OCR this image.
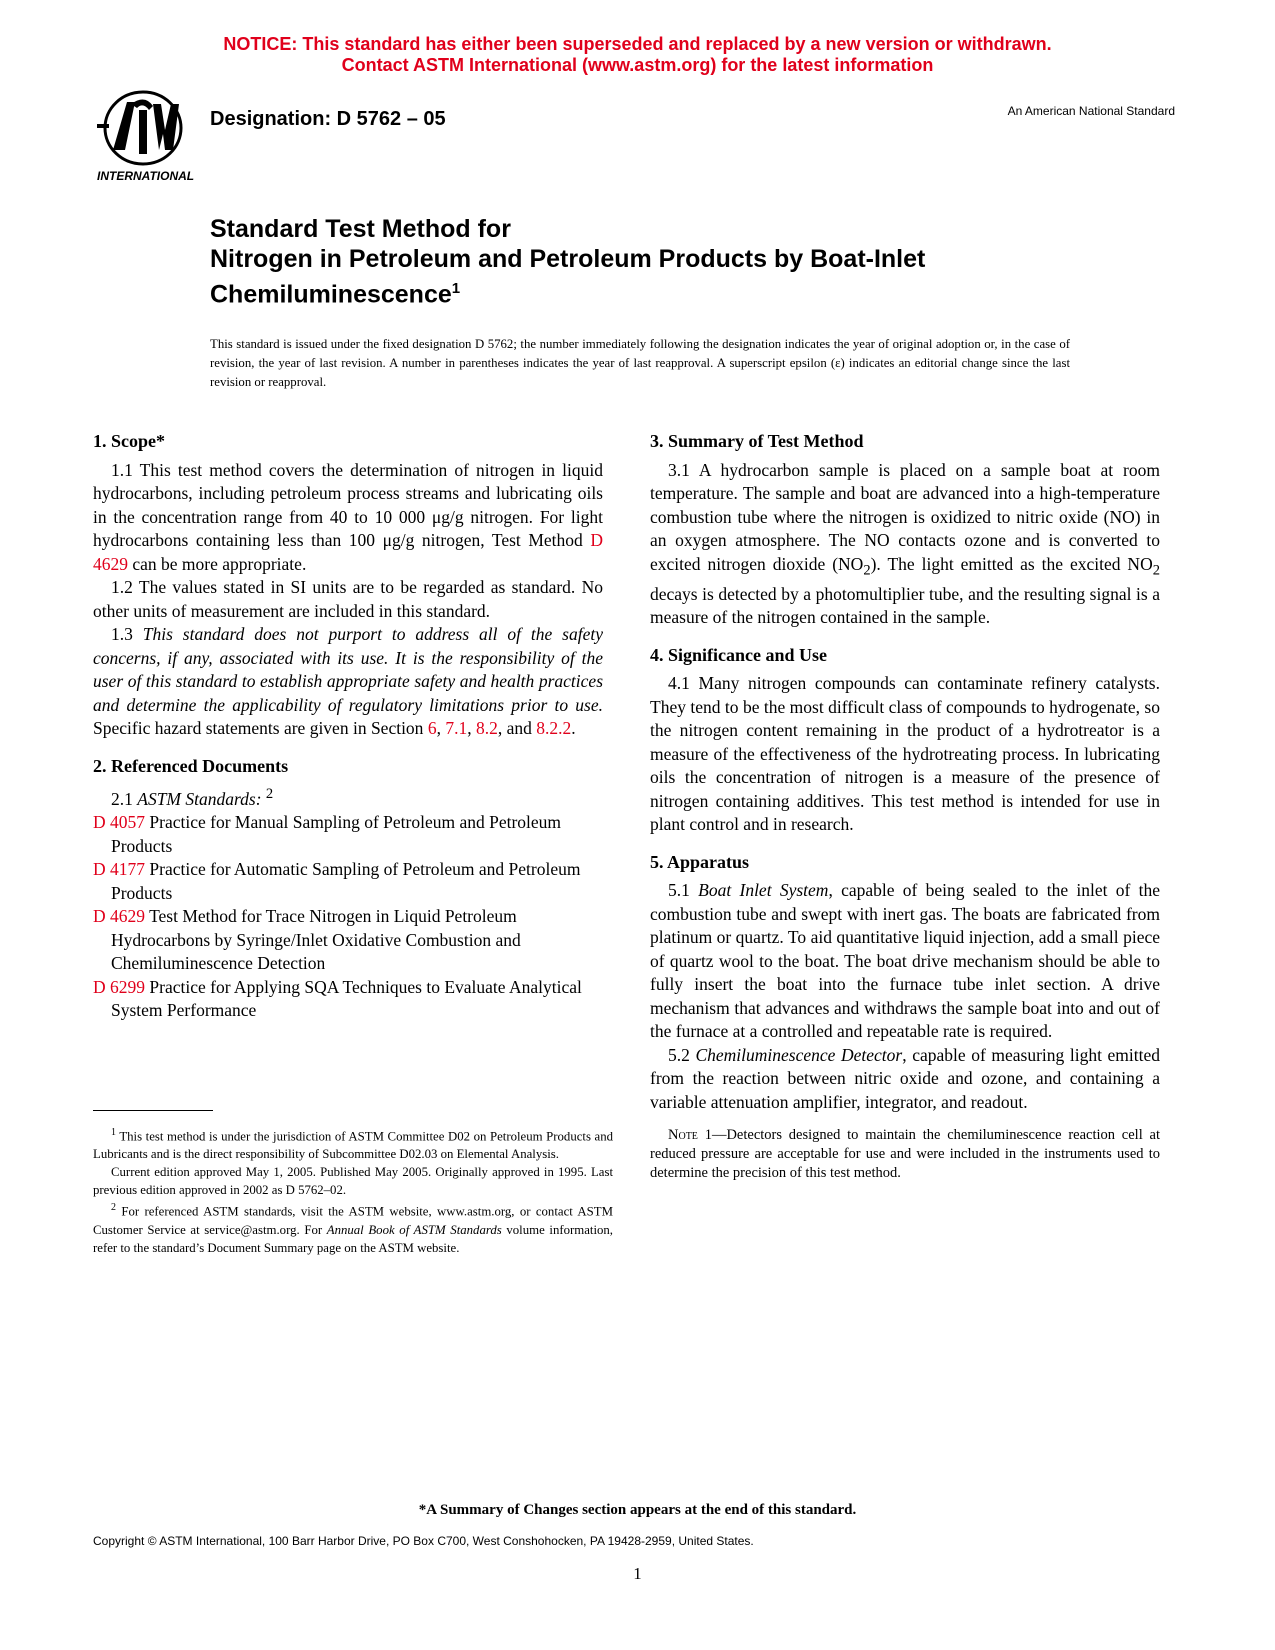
NOTICE: This standard has either been superseded and replaced by a new version or withdrawn.
Contact ASTM International (www.astm.org) for the latest information
INTERNATIONAL
Designation: D 5762 – 05	An American National Standard
Standard Test Method for
Nitrogen in Petroleum and Petroleum Products by Boat-Inlet
Chemiluminescence$^1$
This standard is issued under the fixed designation D 5762; the number immediately following the designation indicates the year of original adoption or, in the case of revision, the year of last revision. A number in parentheses indicates the year of last reapproval. A superscript epsilon (ε) indicates an editorial change since the last revision or reapproval.

1. Scope*

1.1 This test method covers the determination of nitrogen in liquid hydrocarbons, including petroleum process streams and lubricating oils in the concentration range from 40 to 10 000 μg/g nitrogen. For light hydrocarbons containing less than 100 μg/g nitrogen, Test Method D 4629 can be more appropriate.

1.2 The values stated in SI units are to be regarded as standard. No other units of measurement are included in this standard.

1.3 This standard does not purport to address all of the safety concerns, if any, associated with its use. It is the responsibility of the user of this standard to establish appropriate safety and health practices and determine the applicability of regulatory limitations prior to use. Specific hazard statements are given in Section 6, 7.1, 8.2, and 8.2.2.

2. Referenced Documents

2.1 ASTM Standards: $^2$

D 4057 Practice for Manual Sampling of Petroleum and Petroleum Products

D 4177 Practice for Automatic Sampling of Petroleum and Petroleum Products

D 4629 Test Method for Trace Nitrogen in Liquid Petroleum Hydrocarbons by Syringe/Inlet Oxidative Combustion and Chemiluminescence Detection

D 6299 Practice for Applying SQA Techniques to Evaluate Analytical System Performance

3. Summary of Test Method

3.1 A hydrocarbon sample is placed on a sample boat at room temperature. The sample and boat are advanced into a high-temperature combustion tube where the nitrogen is oxidized to nitric oxide (NO) in an oxygen atmosphere. The NO contacts ozone and is converted to excited nitrogen dioxide $(NO_2)$. The light emitted as the excited $NO_2$ decays is detected by a photomultiplier tube, and the resulting signal is a measure of the nitrogen contained in the sample.

4. Significance and Use

4.1 Many nitrogen compounds can contaminate refinery catalysts. They tend to be the most difficult class of compounds to hydrogenate, so the nitrogen content remaining in the product of a hydrotreator is a measure of the effectiveness of the hydrotreating process. In lubricating oils the concentration of nitrogen is a measure of the presence of nitrogen containing additives. This test method is intended for use in plant control and in research.

5. Apparatus

5.1 Boat Inlet System, capable of being sealed to the inlet of the combustion tube and swept with inert gas. The boats are fabricated from platinum or quartz. To aid quantitative liquid injection, add a small piece of quartz wool to the boat. The boat drive mechanism should be able to fully insert the boat into the furnace tube inlet section. A drive mechanism that advances and withdraws the sample boat into and out of the furnace at a controlled and repeatable rate is required.

5.2 Chemiluminescence Detector, capable of measuring light emitted from the reaction between nitric oxide and ozone, and containing a variable attenuation amplifier, integrator, and readout.

Note 1—Detectors designed to maintain the chemiluminescence reaction cell at reduced pressure are acceptable for use and were included in the instruments used to determine the precision of this test method.

$^1$ This test method is under the jurisdiction of ASTM Committee D02 on Petroleum Products and Lubricants and is the direct responsibility of Subcommittee D02.03 on Elemental Analysis.

Current edition approved May 1, 2005. Published May 2005. Originally approved in 1995. Last previous edition approved in 2002 as D 5762–02.

$^2$ For referenced ASTM standards, visit the ASTM website, www.astm.org, or contact ASTM Customer Service at service@astm.org. For Annual Book of ASTM Standards volume information, refer to the standard’s Document Summary page on the ASTM website.

*A Summary of Changes section appears at the end of this standard.
Copyright © ASTM International, 100 Barr Harbor Drive, PO Box C700, West Conshohocken, PA 19428-2959, United States.
1
